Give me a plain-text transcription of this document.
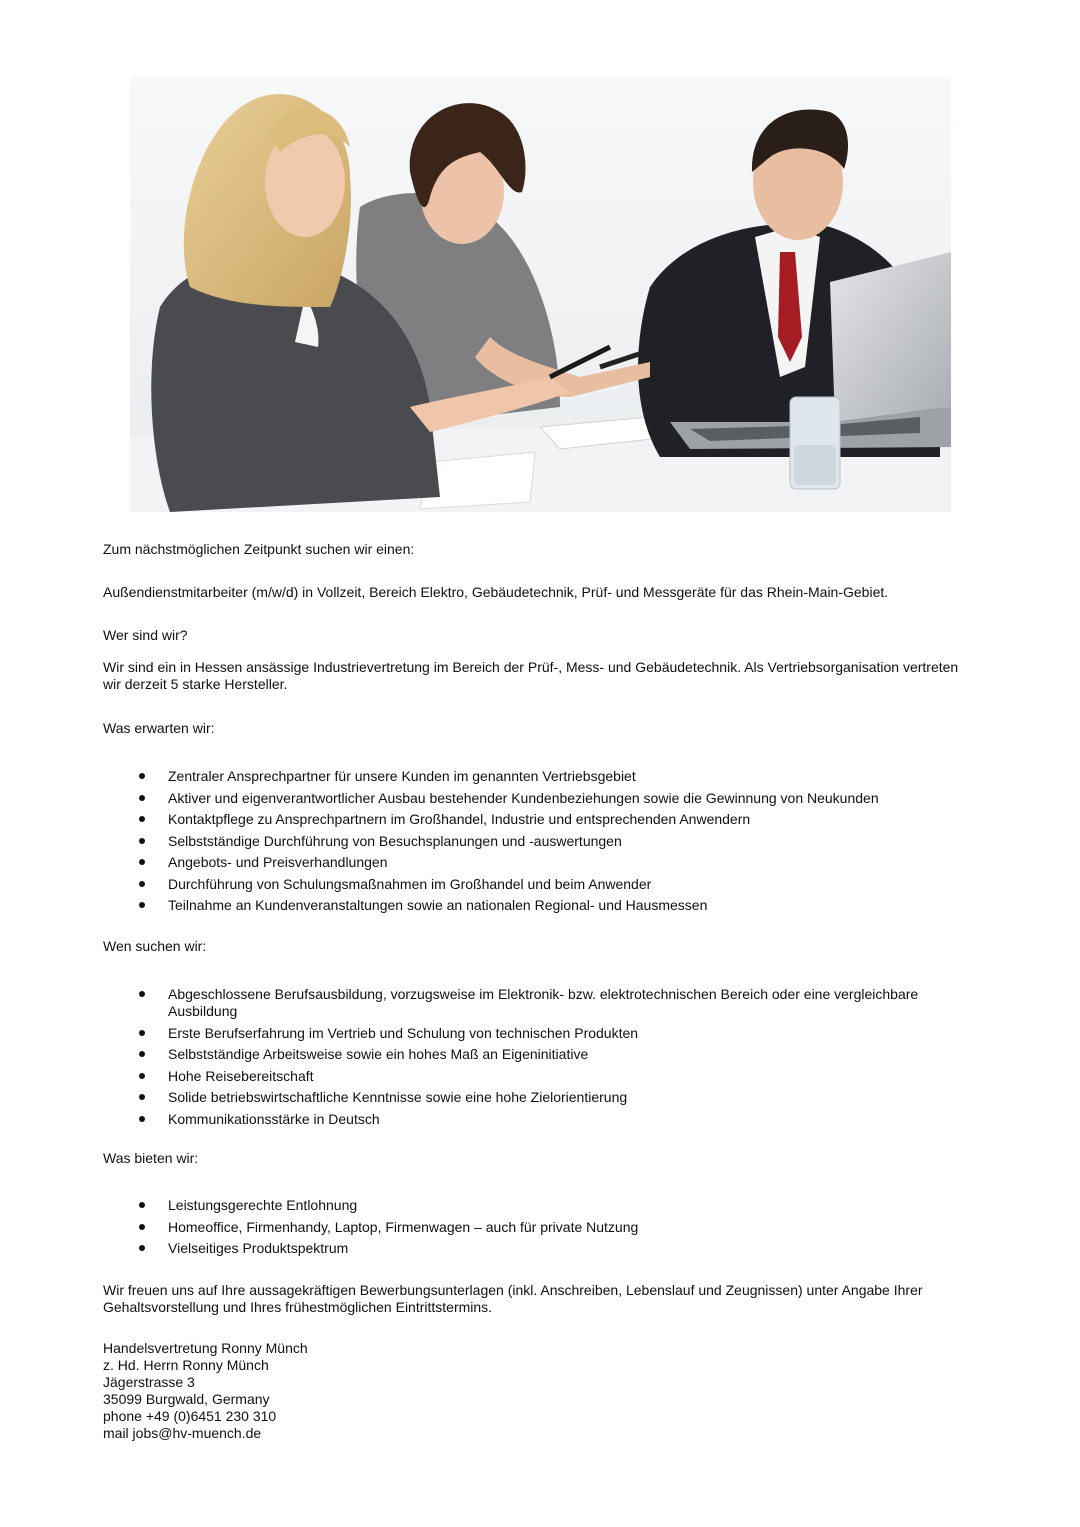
Zum nächstmöglichen Zeitpunkt suchen wir einen:

Außendienstmitarbeiter (m/w/d) in Vollzeit, Bereich Elektro, Gebäudetechnik, Prüf- und Messgeräte für das Rhein-Main-Gebiet.

Wer sind wir?

Wir sind ein in Hessen ansässige Industrievertretung im Bereich der Prüf-, Mess- und Gebäudetechnik. Als Vertriebsorganisation vertreten wir derzeit 5 starke Hersteller.

Was erwarten wir:

Zentraler Ansprechpartner für unsere Kunden im genannten Vertriebsgebiet
Aktiver und eigenverantwortlicher Ausbau bestehender Kundenbeziehungen sowie die Gewinnung von Neukunden
Kontaktpflege zu Ansprechpartnern im Großhandel, Industrie und entsprechenden Anwendern
Selbstständige Durchführung von Besuchsplanungen und -auswertungen
Angebots- und Preisverhandlungen
Durchführung von Schulungsmaßnahmen im Großhandel und beim Anwender
Teilnahme an Kundenveranstaltungen sowie an nationalen Regional- und Hausmessen

Wen suchen wir:

Abgeschlossene Berufsausbildung, vorzugsweise im Elektronik- bzw. elektrotechnischen Bereich oder eine vergleichbare Ausbildung
Erste Berufserfahrung im Vertrieb und Schulung von technischen Produkten
Selbstständige Arbeitsweise sowie ein hohes Maß an Eigeninitiative
Hohe Reisebereitschaft
Solide betriebswirtschaftliche Kenntnisse sowie eine hohe Zielorientierung
Kommunikationsstärke in Deutsch

Was bieten wir:

Leistungsgerechte Entlohnung
Homeoffice, Firmenhandy, Laptop, Firmenwagen – auch für private Nutzung
Vielseitiges Produktspektrum

Wir freuen uns auf Ihre aussagekräftigen Bewerbungsunterlagen (inkl. Anschreiben, Lebenslauf und Zeugnissen) unter Angabe Ihrer Gehaltsvorstellung und Ihres frühestmöglichen Eintrittstermins.

Handelsvertretung Ronny Münch

z. Hd. Herrn Ronny Münch

Jägerstrasse 3

35099 Burgwald, Germany

phone +49 (0)6451 230 310

mail jobs@hv-muench.de
